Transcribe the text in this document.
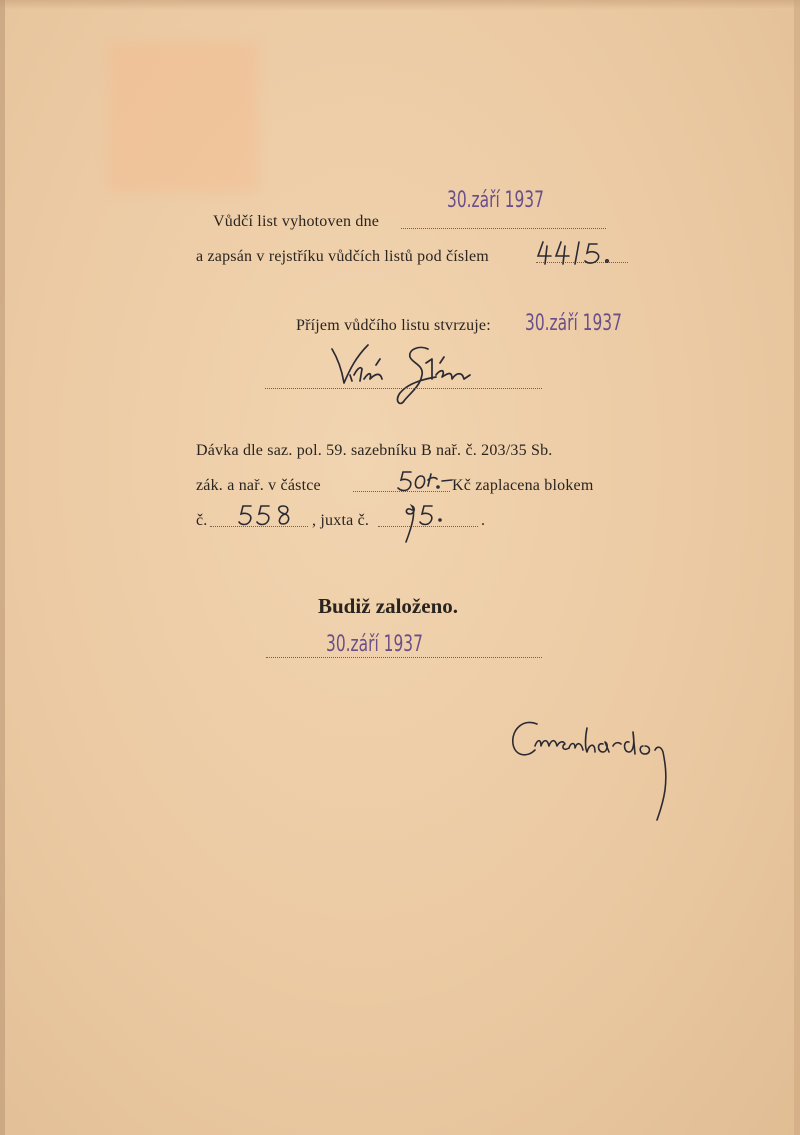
Vůdčí list vyhotoven dne
30.září 1937
a zapsán v rejstříku vůdčích listů pod číslem
Příjem vůdčího listu stvrzuje: 30.září 1937
Dávka dle saz. pol. 59. sazebníku B nař. č. 203/35 Sb.
zák. a nař. v částce	Kč zaplacena blokem
č.	, juxta č.	.
Budiž založeno.
30.září 1937
